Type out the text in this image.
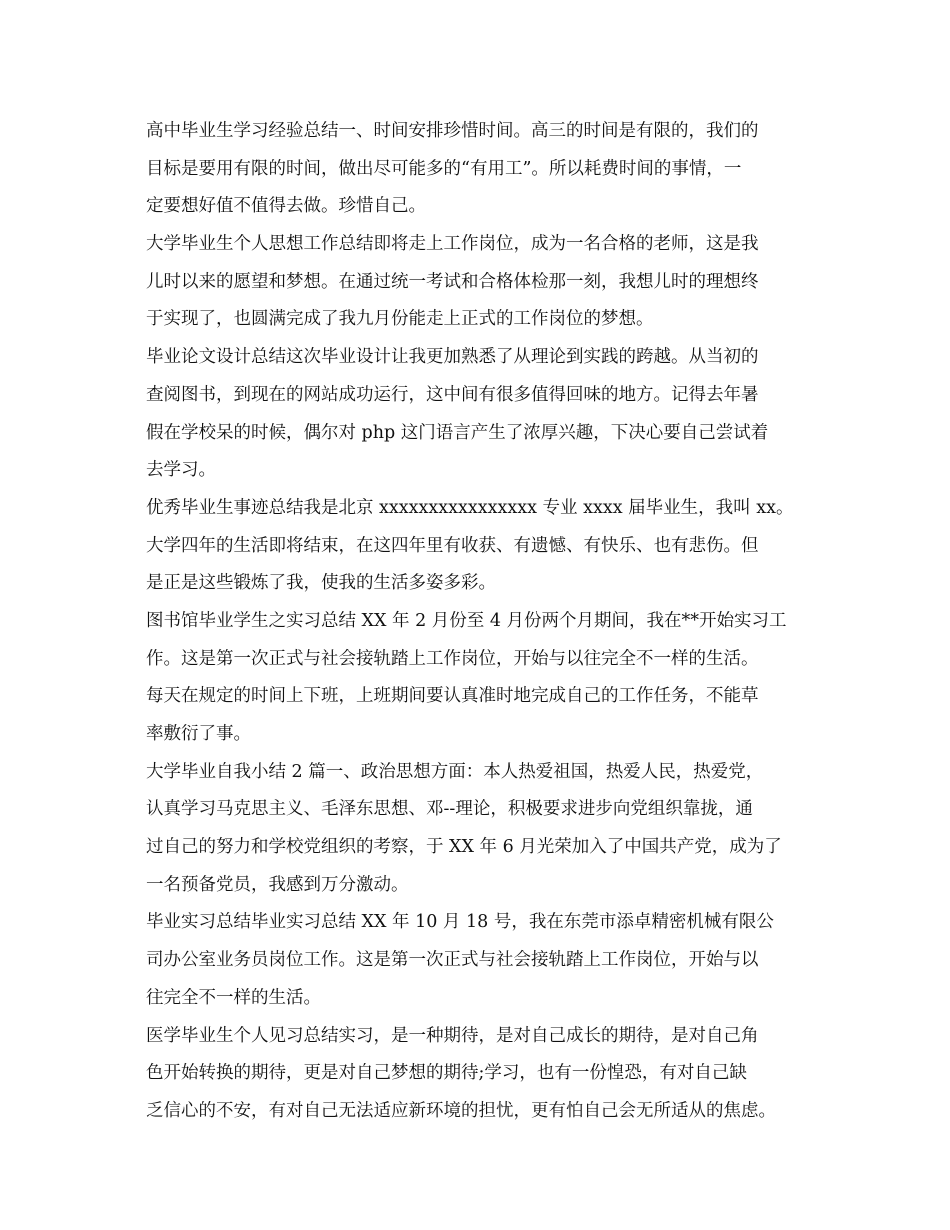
高中毕业生学习经验总结一、时间安排珍惜时间。高三的时间是有限的，我们的
目标是要用有限的时间，做出尽可能多的“有用工”。所以耗费时间的事情，一
定要想好值不值得去做。珍惜自己。
大学毕业生个人思想工作总结即将走上工作岗位，成为一名合格的老师，这是我
儿时以来的愿望和梦想。在通过统一考试和合格体检那一刻，我想儿时的理想终
于实现了，也圆满完成了我九月份能走上正式的工作岗位的梦想。
毕业论文设计总结这次毕业设计让我更加熟悉了从理论到实践的跨越。从当初的
查阅图书，到现在的网站成功运行，这中间有很多值得回味的地方。记得去年暑
假在学校呆的时候，偶尔对 php 这门语言产生了浓厚兴趣，下决心要自己尝试着
去学习。
优秀毕业生事迹总结我是北京 xxxxxxxxxxxxxxxx 专业 xxxx 届毕业生，我叫 xx。
大学四年的生活即将结束，在这四年里有收获、有遗憾、有快乐、也有悲伤。但
是正是这些锻炼了我，使我的生活多姿多彩。
图书馆毕业学生之实习总结 XX 年 2 月份至 4 月份两个月期间，我在**开始实习工
作。这是第一次正式与社会接轨踏上工作岗位，开始与以往完全不一样的生活。
每天在规定的时间上下班，上班期间要认真准时地完成自己的工作任务，不能草
率敷衍了事。
大学毕业自我小结 2 篇一、政治思想方面：本人热爱祖国，热爱人民，热爱党，
认真学习马克思主义、毛泽东思想、邓--理论，积极要求进步向党组织靠拢，通
过自己的努力和学校党组织的考察，于 XX 年 6 月光荣加入了中国共产党，成为了
一名预备党员，我感到万分激动。
毕业实习总结毕业实习总结 XX 年 10 月 18 号，我在东莞市添卓精密机械有限公
司办公室业务员岗位工作。这是第一次正式与社会接轨踏上工作岗位，开始与以
往完全不一样的生活。
医学毕业生个人见习总结实习，是一种期待，是对自己成长的期待，是对自己角
色开始转换的期待，更是对自己梦想的期待;学习，也有一份惶恐，有对自己缺
乏信心的不安，有对自己无法适应新环境的担忧，更有怕自己会无所适从的焦虑。
